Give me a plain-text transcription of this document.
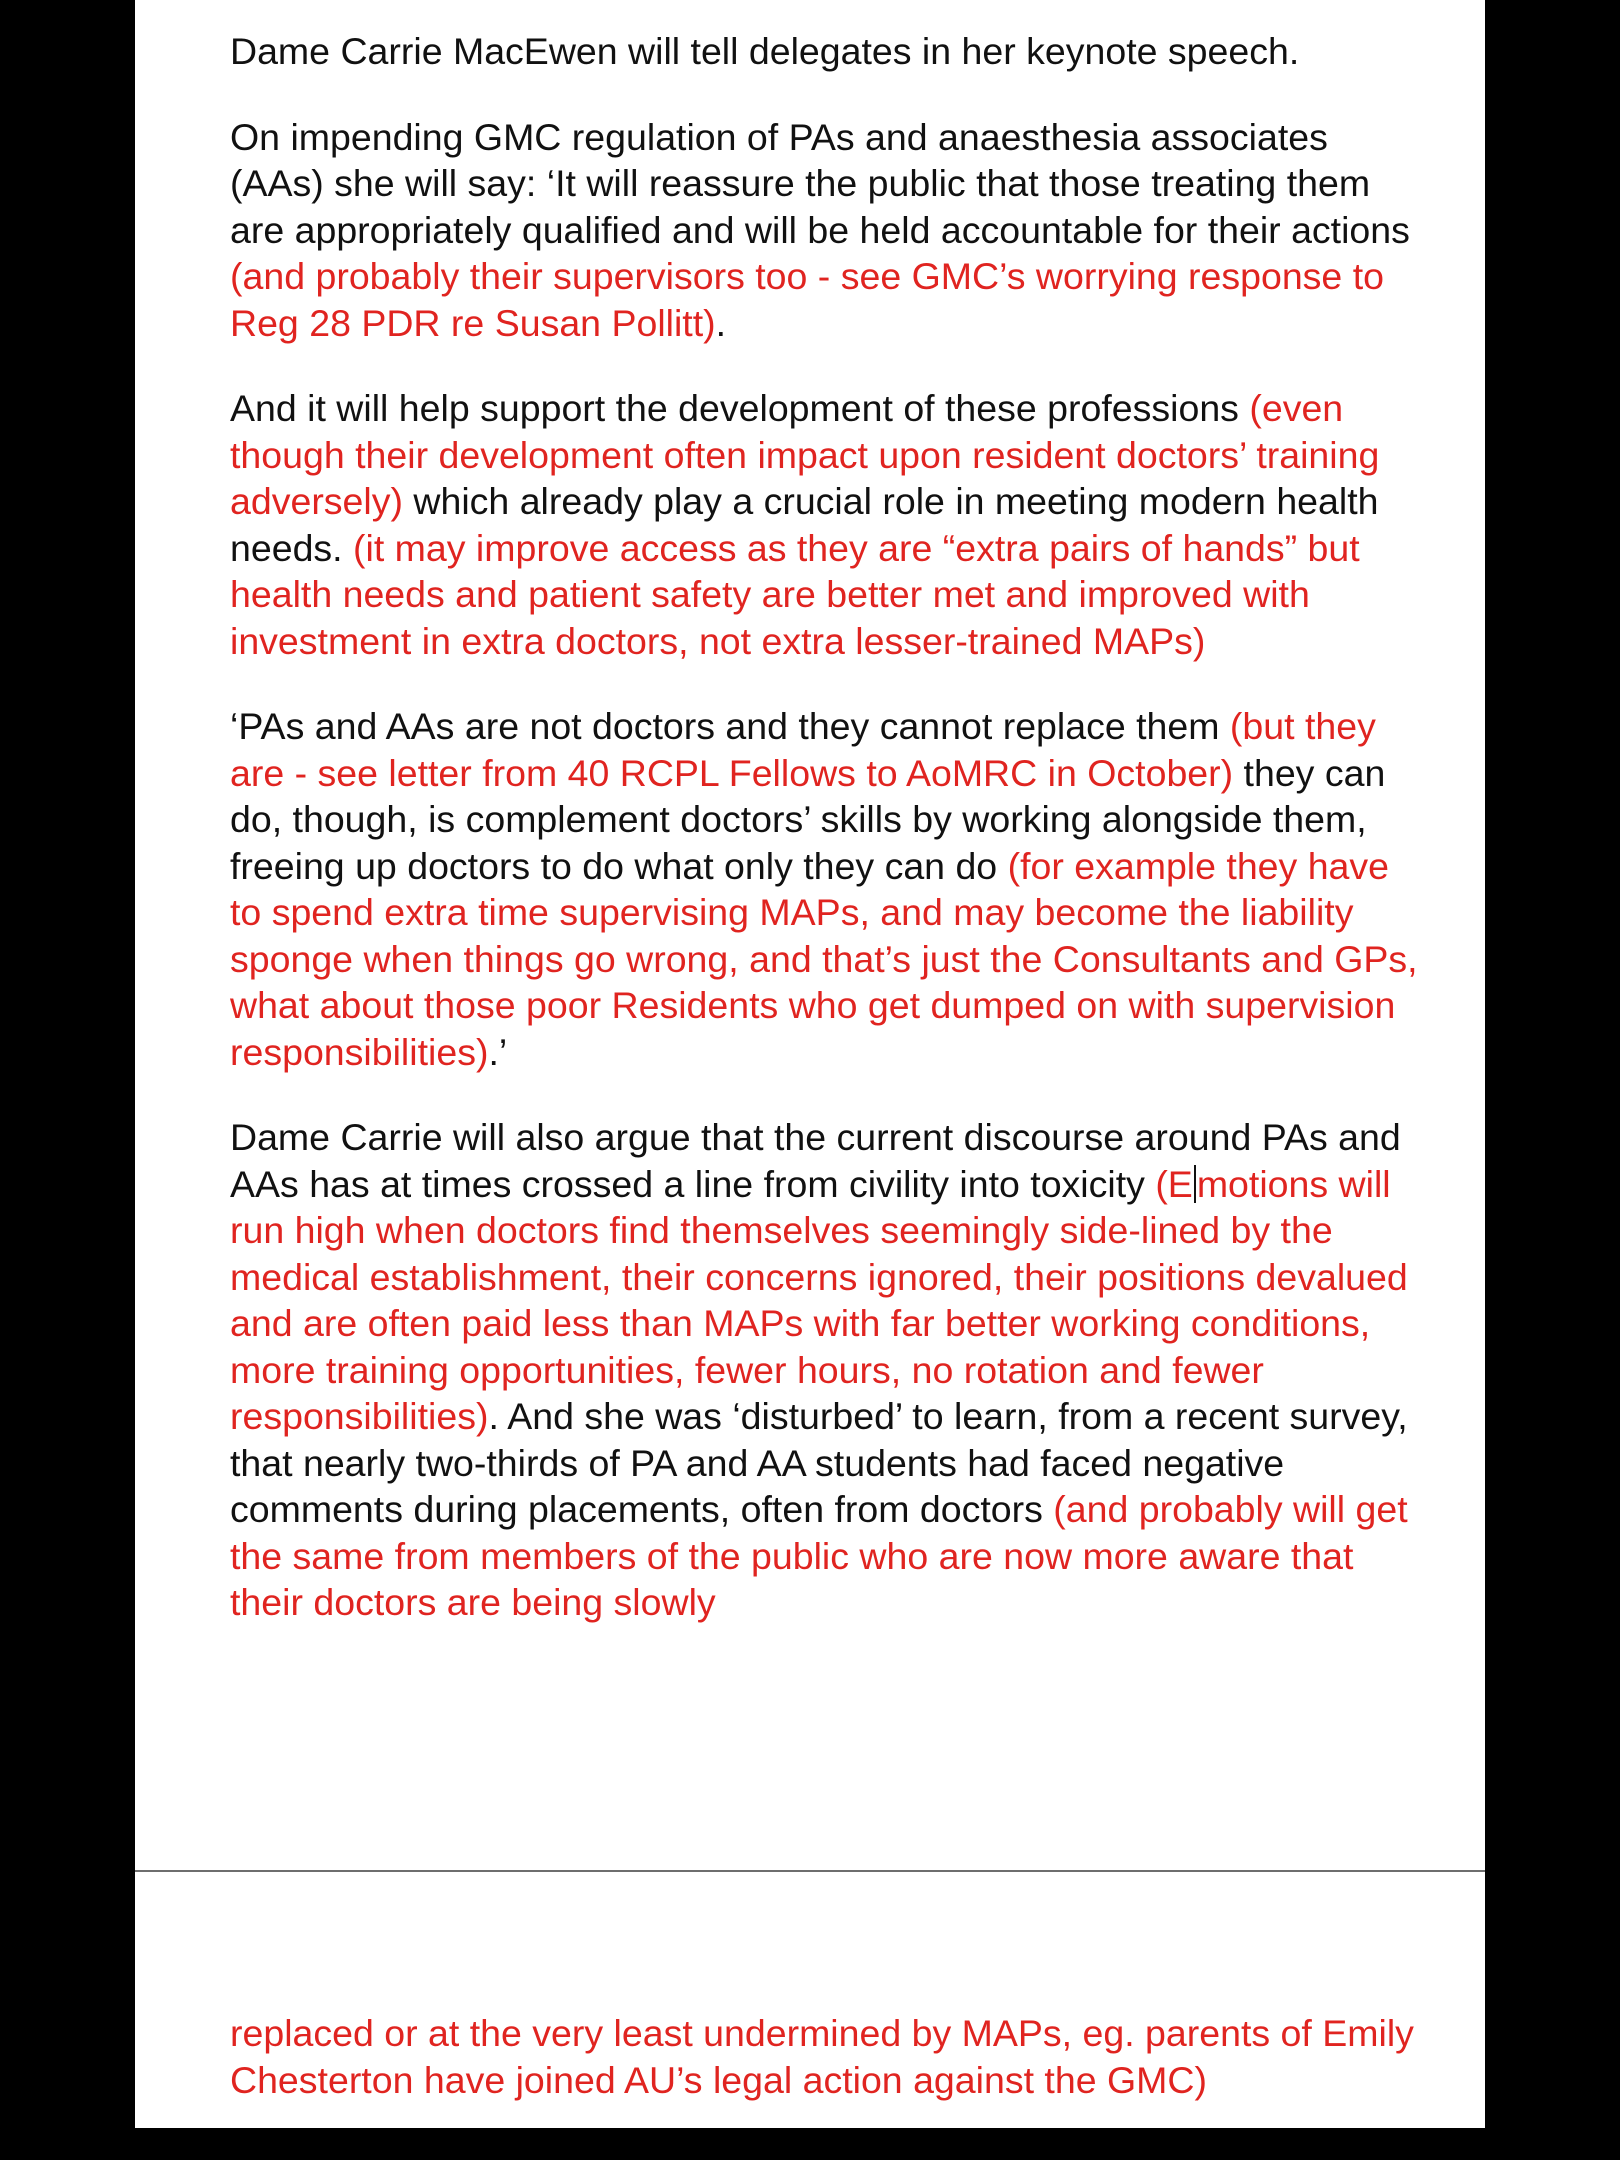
Dame Carrie MacEwen will tell delegates in her keynote speech.

On impending GMC regulation of PAs and anaesthesia associates (AAs) she will say: ‘It will reassure the public that those treating them are appropriately qualified and will be held accountable for their actions (and probably their supervisors too - see GMC’s worrying response to Reg 28 PDR re Susan Pollitt).

And it will help support the development of these professions (even though their development often impact upon resident doctors’ training adversely) which already play a crucial role in meeting modern health needs. (it may improve access as they are “extra pairs of hands” but health needs and patient safety are better met and improved with investment in extra doctors, not extra lesser-trained MAPs)

‘PAs and AAs are not doctors and they cannot replace them (but they are - see letter from 40 RCPL Fellows to AoMRC in October) they can do, though, is complement doctors’ skills by working alongside them, freeing up doctors to do what only they can do (for example they have to spend extra time supervising MAPs, and may become the liability sponge when things go wrong, and that’s just the Consultants and GPs, what about those poor Residents who get dumped on with supervision responsibilities).’

Dame Carrie will also argue that the current discourse around PAs and AAs has at times crossed a line from civility into toxicity (E motions will run high when doctors find themselves seemingly side-lined by the medical establishment, their concerns ignored, their positions devalued and are often paid less than MAPs with far better working conditions, more training opportunities, fewer hours, no rotation and fewer responsibilities). And she was ‘disturbed’ to learn, from a recent survey, that nearly two-thirds of PA and AA students had faced negative comments during placements, often from doctors (and probably will get the same from members of the public who are now more aware that their doctors are being slowly

replaced or at the very least undermined by MAPs, eg. parents of Emily Chesterton have joined AU’s legal action against the GMC)
